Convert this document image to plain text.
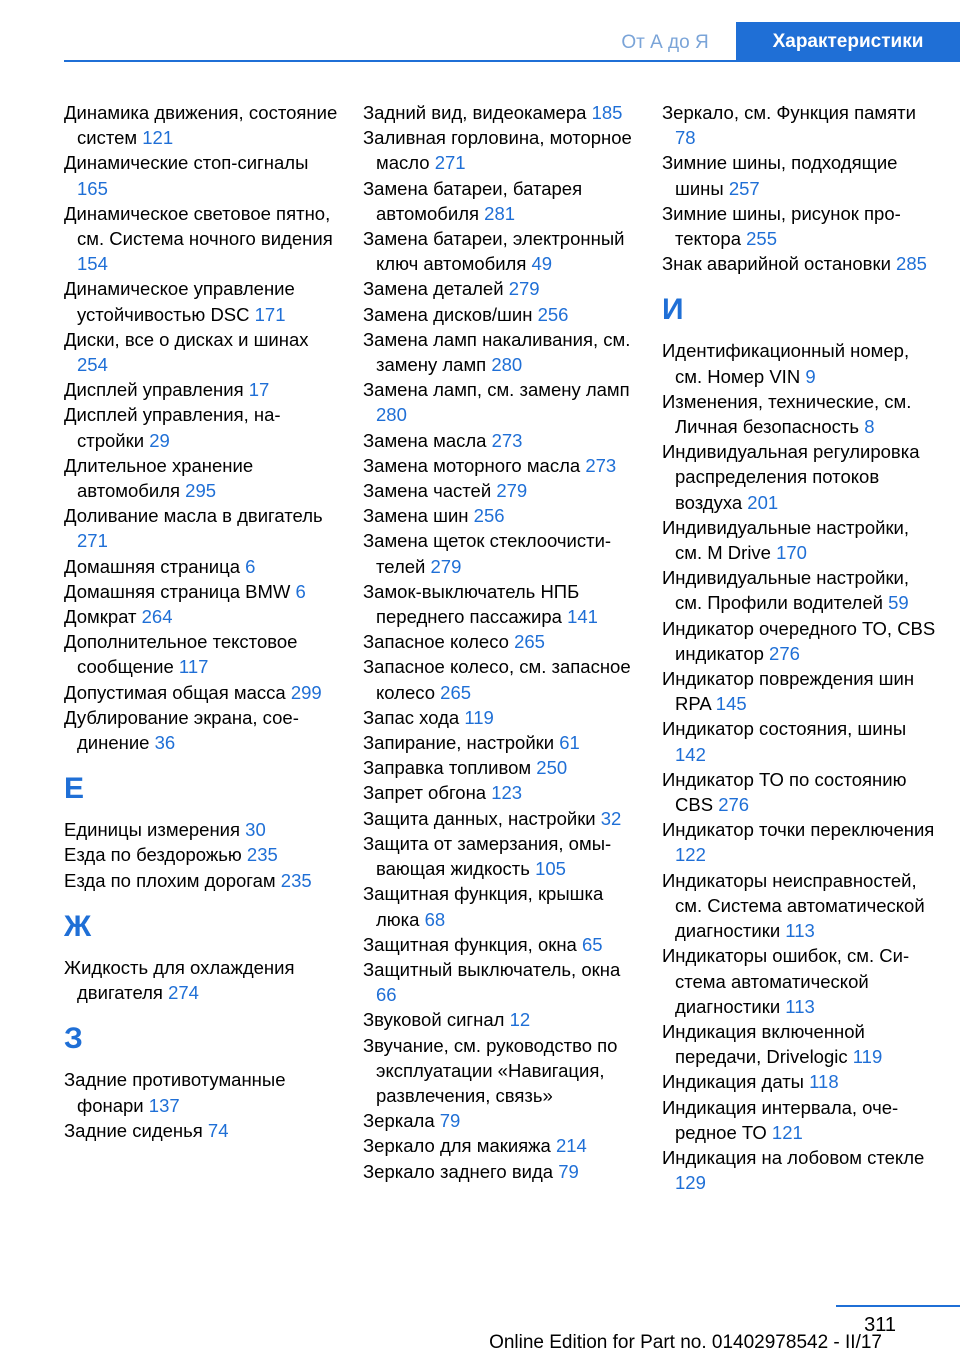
От А до Я	Характеристики
Динамика движения, состояние систем 121
Динамические стоп-сигналы 165
Динамическое световое пятно, см. Система ночного видения 154
Динамическое управление устойчивостью DSC 171
Диски, все о дисках и шинах 254
Дисплей управления 17
Дисплей управления, настройки 29
Длительное хранение автомобиля 295
Доливание масла в двигатель 271
Домашняя страница 6
Домашняя страница BMW 6
Домкрат 264
Дополнительное текстовое сообщение 117
Допустимая общая масса 299
Дублирование экрана, соединение 36
Е
Единицы измерения 30
Езда по бездорожью 235
Езда по плохим дорогам 235
Ж
Жидкость для охлаждения двигателя 274
З
Задние противотуманные фонари 137
Задние сиденья 74
Задний вид, видеокамера 185
Заливная горловина, моторное масло 271
Замена батареи, батарея автомобиля 281
Замена батареи, электронный ключ автомобиля 49
Замена деталей 279
Замена дисков/шин 256
Замена ламп накаливания, см. замену ламп 280
Замена ламп, см. замену ламп 280
Замена масла 273
Замена моторного масла 273
Замена частей 279
Замена шин 256
Замена щеток стеклоочистителей 279
Замок-выключатель НПБ переднего пассажира 141
Запасное колесо 265
Запасное колесо, см. запасное колесо 265
Запас хода 119
Запирание, настройки 61
Заправка топливом 250
Запрет обгона 123
Защита данных, настройки 32
Защита от замерзания, омывающая жидкость 105
Защитная функция, крышка люка 68
Защитная функция, окна 65
Защитный выключатель, окна 66
Звуковой сигнал 12
Звучание, см. руководство по эксплуатации «Навигация, развлечения, связь»
Зеркала 79
Зеркало для макияжа 214
Зеркало заднего вида 79
Зеркало, см. Функция памяти 78
Зимние шины, подходящие шины 257
Зимние шины, рисунок протектора 255
Знак аварийной остановки 285
И
Идентификационный номер, см. Номер VIN 9
Изменения, технические, см. Личная безопасность 8
Индивидуальная регулировка распределения потоков воздуха 201
Индивидуальные настройки, см. M Drive 170
Индивидуальные настройки, см. Профили водителей 59
Индикатор очередного ТО, CBS индикатор 276
Индикатор повреждения шин RPA 145
Индикатор состояния, шины 142
Индикатор ТО по состоянию CBS 276
Индикатор точки переключения 122
Индикаторы неисправностей, см. Система автоматической диагностики 113
Индикаторы ошибок, см. Система автоматической диагностики 113
Индикация включенной передачи, Drivelogic 119
Индикация даты 118
Индикация интервала, очередное ТО 121
Индикация на лобовом стекле 129
311
Online Edition for Part no. 01402978542 - II/17
